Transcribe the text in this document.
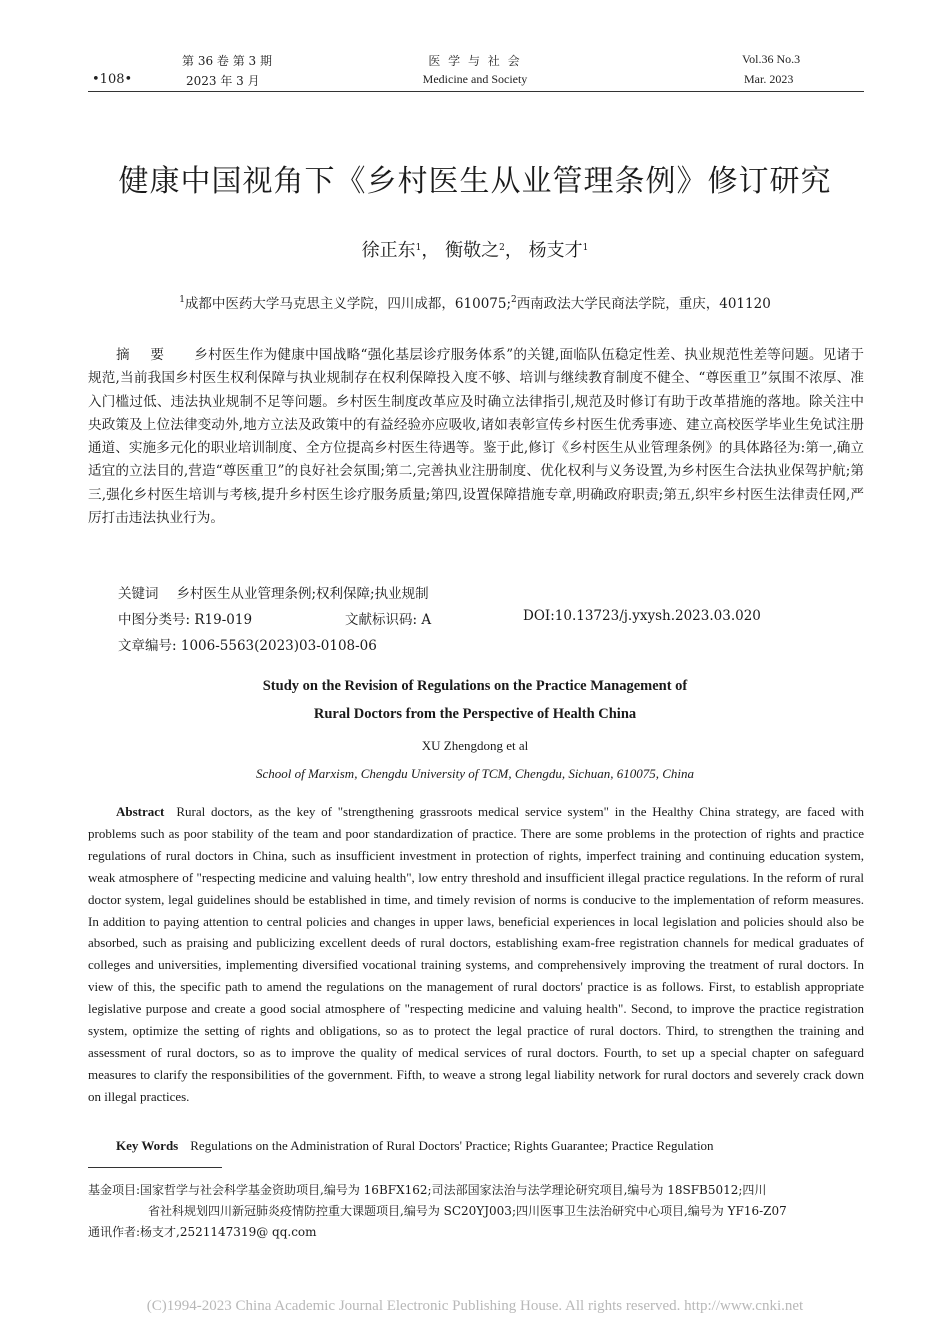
•108•
第 36 卷 第 3 期
2023 年 3 月
医 学 与 社 会
Medicine and Society
Vol.36 No.3
Mar. 2023
健康中国视角下《乡村医生从业管理条例》修订研究
徐正东$^1$， 衡敬之$^2$， 杨支才$^1$
$^1$成都中医药大学马克思主义学院，四川成都，610075;$^2$西南政法大学民商法学院，重庆，401120
摘 要 乡村医生作为健康中国战略“强化基层诊疗服务体系”的关键,面临队伍稳定性差、执业规范性差等问题。见诸于规范,当前我国乡村医生权利保障与执业规制存在权利保障投入度不够、培训与继续教育制度不健全、“尊医重卫”氛围不浓厚、准入门槛过低、违法执业规制不足等问题。乡村医生制度改革应及时确立法律指引,规范及时修订有助于改革措施的落地。除关注中央政策及上位法律变动外,地方立法及政策中的有益经验亦应吸收,诸如表彰宣传乡村医生优秀事迹、建立高校医学毕业生免试注册通道、实施多元化的职业培训制度、全方位提高乡村医生待遇等。鉴于此,修订《乡村医生从业管理条例》的具体路径为:第一,确立适宜的立法目的,营造“尊医重卫”的良好社会氛围;第二,完善执业注册制度、优化权利与义务设置,为乡村医生合法执业保驾护航;第三,强化乡村医生培训与考核,提升乡村医生诊疗服务质量;第四,设置保障措施专章,明确政府职责;第五,织牢乡村医生法律责任网,严厉打击违法执业行为。
关键词 乡村医生从业管理条例;权利保障;执业规制
中图分类号: R19-019	文献标识码: A	DOI:10.13723/j.yxysh.2023.03.020
文章编号: 1006-5563(2023)03-0108-06
Study on the Revision of Regulations on the Practice Management of
Rural Doctors from the Perspective of Health China
XU Zhengdong et al
School of Marxism, Chengdu University of TCM, Chengdu, Sichuan, 610075, China
Abstract Rural doctors, as the key of "strengthening grassroots medical service system" in the Healthy China strategy, are faced with problems such as poor stability of the team and poor standardization of practice. There are some problems in the protection of rights and practice regulations of rural doctors in China, such as insufficient investment in protection of rights, imperfect training and continuing education system, weak atmosphere of "respecting medicine and valuing health", low entry threshold and insufficient illegal practice regulations. In the reform of rural doctor system, legal guidelines should be established in time, and timely revision of norms is conducive to the implementation of reform measures. In addition to paying attention to central policies and changes in upper laws, beneficial experiences in local legislation and policies should also be absorbed, such as praising and publicizing excellent deeds of rural doctors, establishing exam-free registration channels for medical graduates of colleges and universities, implementing diversified vocational training systems, and comprehensively improving the treatment of rural doctors. In view of this, the specific path to amend the regulations on the management of rural doctors' practice is as follows. First, to establish appropriate legislative purpose and create a good social atmosphere of "respecting medicine and valuing health". Second, to improve the practice registration system, optimize the setting of rights and obligations, so as to protect the legal practice of rural doctors. Third, to strengthen the training and assessment of rural doctors, so as to improve the quality of medical services of rural doctors. Fourth, to set up a special chapter on safeguard measures to clarify the responsibilities of the government. Fifth, to weave a strong legal liability network for rural doctors and severely crack down on illegal practices.
Key Words Regulations on the Administration of Rural Doctors' Practice; Rights Guarantee; Practice Regulation
基金项目:国家哲学与社会科学基金资助项目,编号为 16BFX162;司法部国家法治与法学理论研究项目,编号为 18SFB5012;四川
省社科规划四川新冠肺炎疫情防控重大课题项目,编号为 SC20YJ003;四川医事卫生法治研究中心项目,编号为 YF16-Z07
通讯作者:杨支才,2521147319@ qq.com
(C)1994-2023 China Academic Journal Electronic Publishing House. All rights reserved. http://www.cnki.net
